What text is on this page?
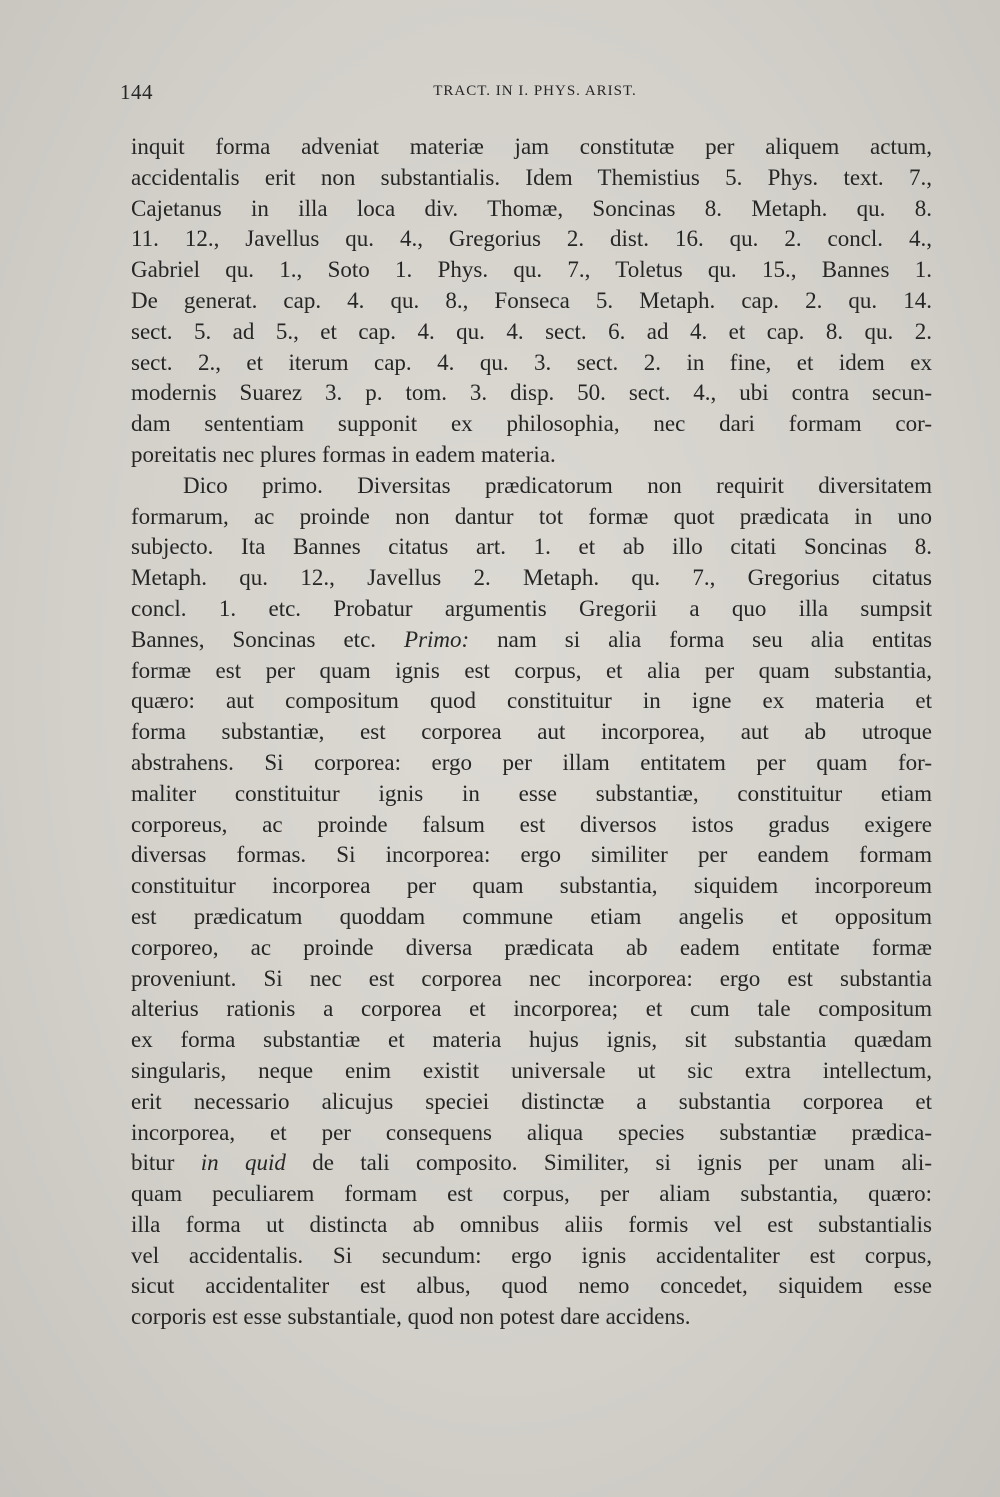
144	TRACT. IN I. PHYS. ARIST.
inquit forma adveniat materiæ jam constitutæ per aliquem actum,
accidentalis erit non substantialis. Idem Themistius 5. Phys. text. 7.,
Cajetanus in illa loca div. Thomæ, Soncinas 8. Metaph. qu. 8.
11. 12., Javellus qu. 4., Gregorius 2. dist. 16. qu. 2. concl. 4.,
Gabriel qu. 1., Soto 1. Phys. qu. 7., Toletus qu. 15., Bannes 1.
De generat. cap. 4. qu. 8., Fonseca 5. Metaph. cap. 2. qu. 14.
sect. 5. ad 5., et cap. 4. qu. 4. sect. 6. ad 4. et cap. 8. qu. 2.
sect. 2., et iterum cap. 4. qu. 3. sect. 2. in fine, et idem ex
modernis Suarez 3. p. tom. 3. disp. 50. sect. 4., ubi contra secun-
dam sententiam supponit ex philosophia, nec dari formam cor-
poreitatis nec plures formas in eadem materia.
Dico primo. Diversitas prædicatorum non requirit diversitatem
formarum, ac proinde non dantur tot formæ quot prædicata in uno
subjecto. Ita Bannes citatus art. 1. et ab illo citati Soncinas 8.
Metaph. qu. 12., Javellus 2. Metaph. qu. 7., Gregorius citatus
concl. 1. etc. Probatur argumentis Gregorii a quo illa sumpsit
Bannes, Soncinas etc. Primo: nam si alia forma seu alia entitas
formæ est per quam ignis est corpus, et alia per quam substantia,
quæro: aut compositum quod constituitur in igne ex materia et
forma substantiæ, est corporea aut incorporea, aut ab utroque
abstrahens. Si corporea: ergo per illam entitatem per quam for-
maliter constituitur ignis in esse substantiæ, constituitur etiam
corporeus, ac proinde falsum est diversos istos gradus exigere
diversas formas. Si incorporea: ergo similiter per eandem formam
constituitur incorporea per quam substantia, siquidem incorporeum
est prædicatum quoddam commune etiam angelis et oppositum
corporeo, ac proinde diversa prædicata ab eadem entitate formæ
proveniunt. Si nec est corporea nec incorporea: ergo est substantia
alterius rationis a corporea et incorporea; et cum tale compositum
ex forma substantiæ et materia hujus ignis, sit substantia quædam
singularis, neque enim existit universale ut sic extra intellectum,
erit necessario alicujus speciei distinctæ a substantia corporea et
incorporea, et per consequens aliqua species substantiæ prædica-
bitur in quid de tali composito. Similiter, si ignis per unam ali-
quam peculiarem formam est corpus, per aliam substantia, quæro:
illa forma ut distincta ab omnibus aliis formis vel est substantialis
vel accidentalis. Si secundum: ergo ignis accidentaliter est corpus,
sicut accidentaliter est albus, quod nemo concedet, siquidem esse
corporis est esse substantiale, quod non potest dare accidens.
